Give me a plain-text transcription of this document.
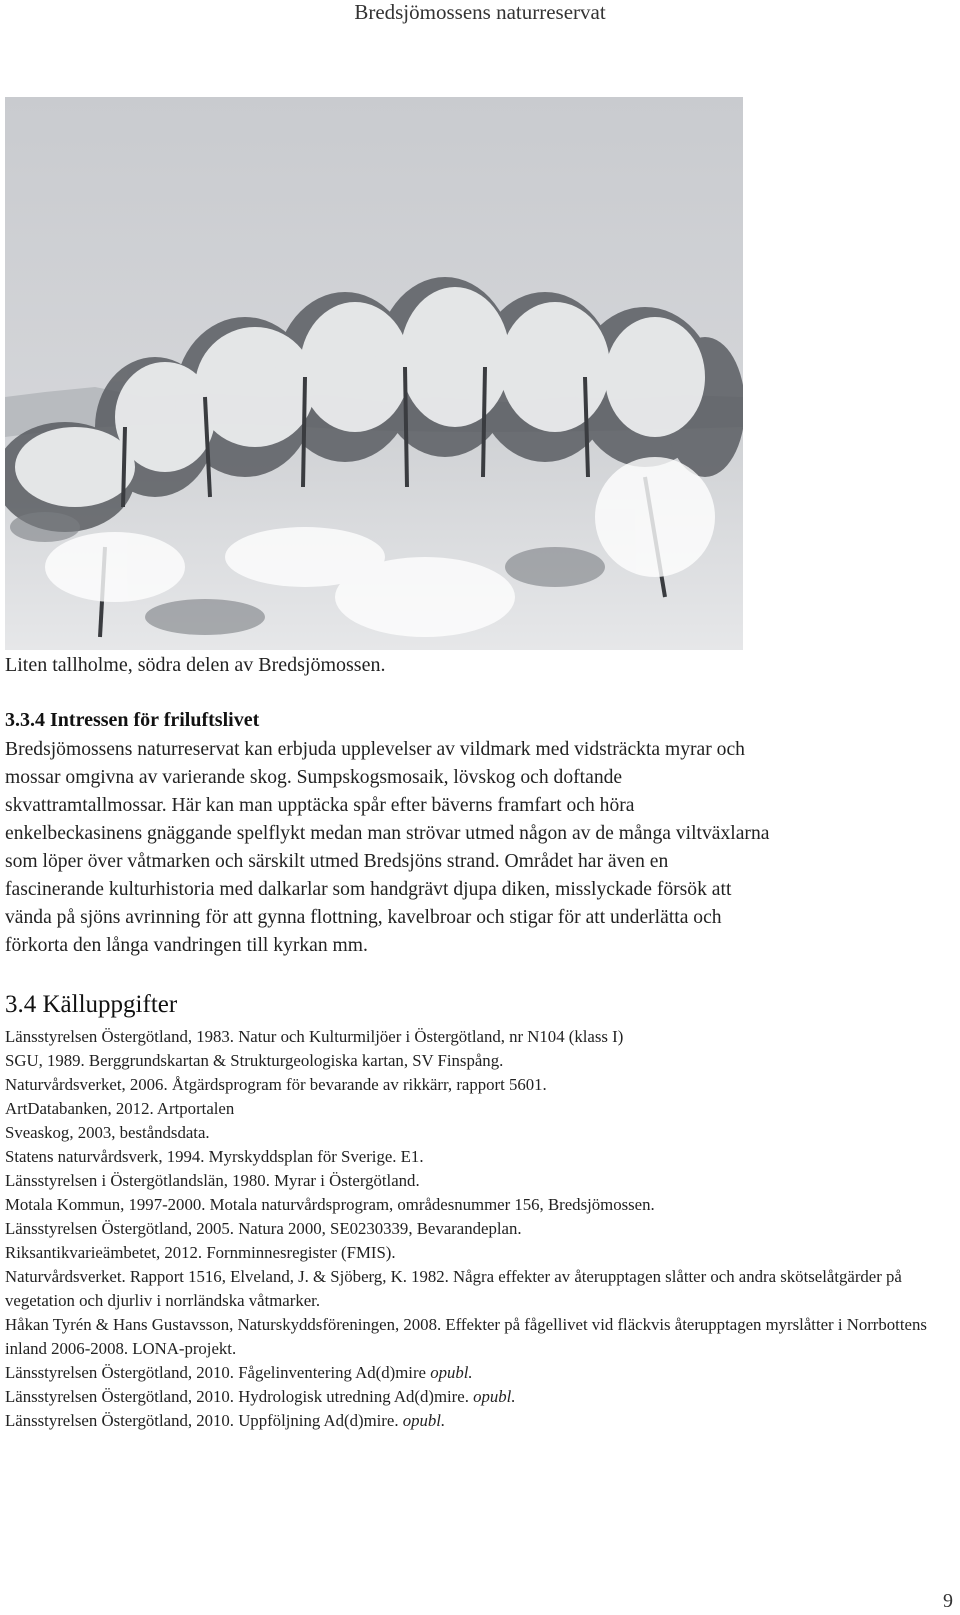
Bredsjömossens naturreservat
Liten tallholme, södra delen av Bredsjömossen.
3.3.4 Intressen för friluftslivet

Bredsjömossens naturreservat kan erbjuda upplevelser av vildmark med vidsträckta myrar och

mossar omgivna av varierande skog. Sumpskogsmosaik, lövskog och doftande

skvattramtallmossar. Här kan man upptäcka spår efter bäverns framfart och höra

enkelbeckasinens gnäggande spelflykt medan man strövar utmed någon av de många viltväxlarna

som löper över våtmarken och särskilt utmed Bredsjöns strand. Området har även en

fascinerande kulturhistoria med dalkarlar som handgrävt djupa diken, misslyckade försök att

vända på sjöns avrinning för att gynna flottning, kavelbroar och stigar för att underlätta och

förkorta den långa vandringen till kyrkan mm.

3.4 Källuppgifter

Länsstyrelsen Östergötland, 1983. Natur och Kulturmiljöer i Östergötland, nr N104 (klass I)

SGU, 1989. Berggrundskartan & Strukturgeologiska kartan, SV Finspång.

Naturvårdsverket, 2006. Åtgärdsprogram för bevarande av rikkärr, rapport 5601.

ArtDatabanken, 2012. Artportalen

Sveaskog, 2003, beståndsdata.

Statens naturvårdsverk, 1994. Myrskyddsplan för Sverige. E1.

Länsstyrelsen i Östergötlandslän, 1980. Myrar i Östergötland.

Motala Kommun, 1997-2000. Motala naturvårdsprogram, områdesnummer 156, Bredsjömossen.

Länsstyrelsen Östergötland, 2005. Natura 2000, SE0230339, Bevarandeplan.

Riksantikvarieämbetet, 2012. Fornminnesregister (FMIS).

Naturvårdsverket. Rapport 1516, Elveland, J. & Sjöberg, K. 1982. Några effekter av återupptagen slåtter och andra skötselåtgärder på vegetation och djurliv i norrländska våtmarker.

Håkan Tyrén & Hans Gustavsson, Naturskyddsföreningen, 2008. Effekter på fågellivet vid fläckvis återupptagen myrslåtter i Norrbottens inland 2006-2008. LONA-projekt.

Länsstyrelsen Östergötland, 2010. Fågelinventering Ad(d)mire opubl.

Länsstyrelsen Östergötland, 2010. Hydrologisk utredning Ad(d)mire. opubl.

Länsstyrelsen Östergötland, 2010. Uppföljning Ad(d)mire. opubl.

9
